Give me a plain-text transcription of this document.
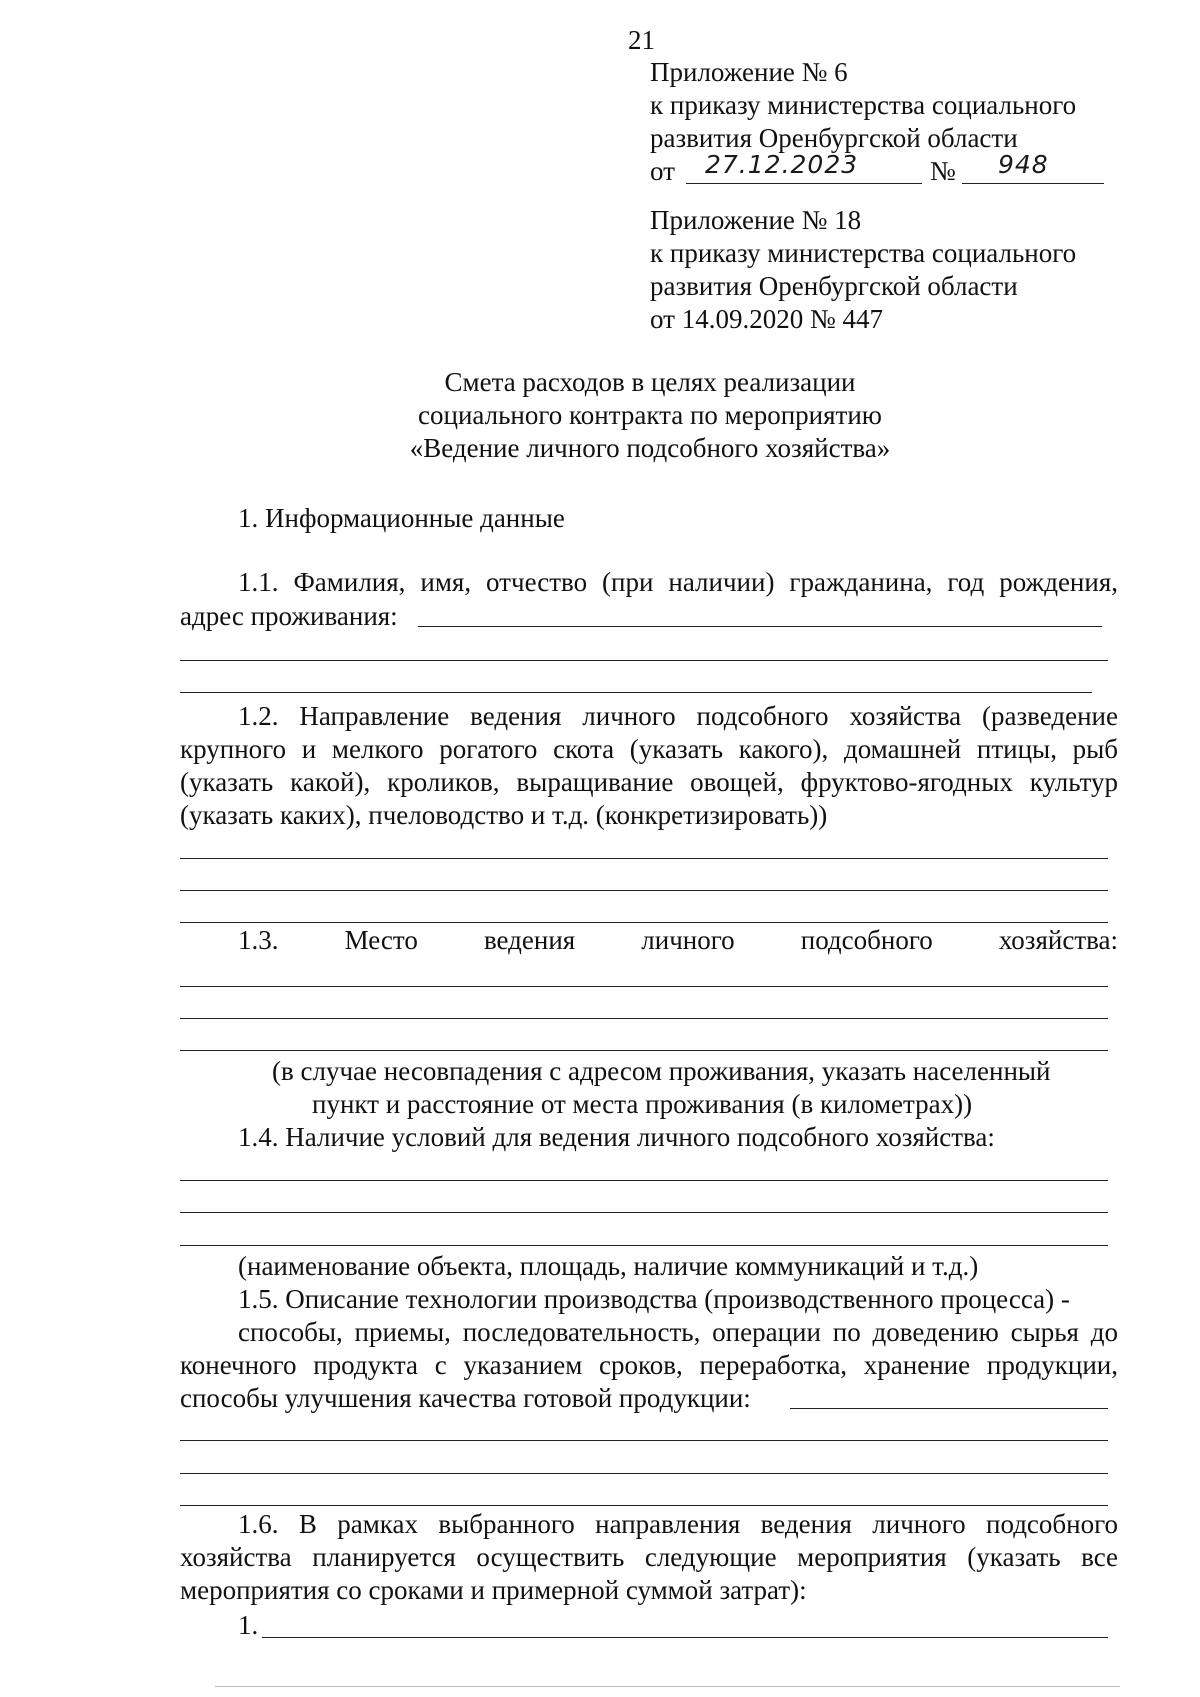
21
Приложение № 6
к приказу министерства социального
развития Оренбургской области
от 27.12.2023	№ 948
Приложение № 18
к приказу министерства социального
развития Оренбургской области
от 14.09.2020 № 447
Смета расходов в целях реализации
социального контракта по мероприятию
«Ведение личного подсобного хозяйства»
1. Информационные данные
1.1. Фамилия, имя, отчество (при наличии) гражданина, год рождения,
адрес проживания:
1.2. Направление ведения личного подсобного хозяйства (разведение
крупного и мелкого рогатого скота (указать какого), домашней птицы, рыб
(указать какой), кроликов, выращивание овощей, фруктово-ягодных культур
(указать каких), пчеловодство и т.д. (конкретизировать))
1.3. Место ведения личного подсобного хозяйства:
(в случае несовпадения с адресом проживания, указать населенный
пункт и расстояние от места проживания (в километрах))
1.4. Наличие условий для ведения личного подсобного хозяйства:
(наименование объекта, площадь, наличие коммуникаций и т.д.)
1.5. Описание технологии производства (производственного процесса) -
способы, приемы, последовательность, операции по доведению сырья до
конечного продукта с указанием сроков, переработка, хранение продукции,
способы улучшения качества готовой продукции:
1.6. В рамках выбранного направления ведения личного подсобного
хозяйства планируется осуществить следующие мероприятия (указать все
мероприятия со сроками и примерной суммой затрат):
1.
